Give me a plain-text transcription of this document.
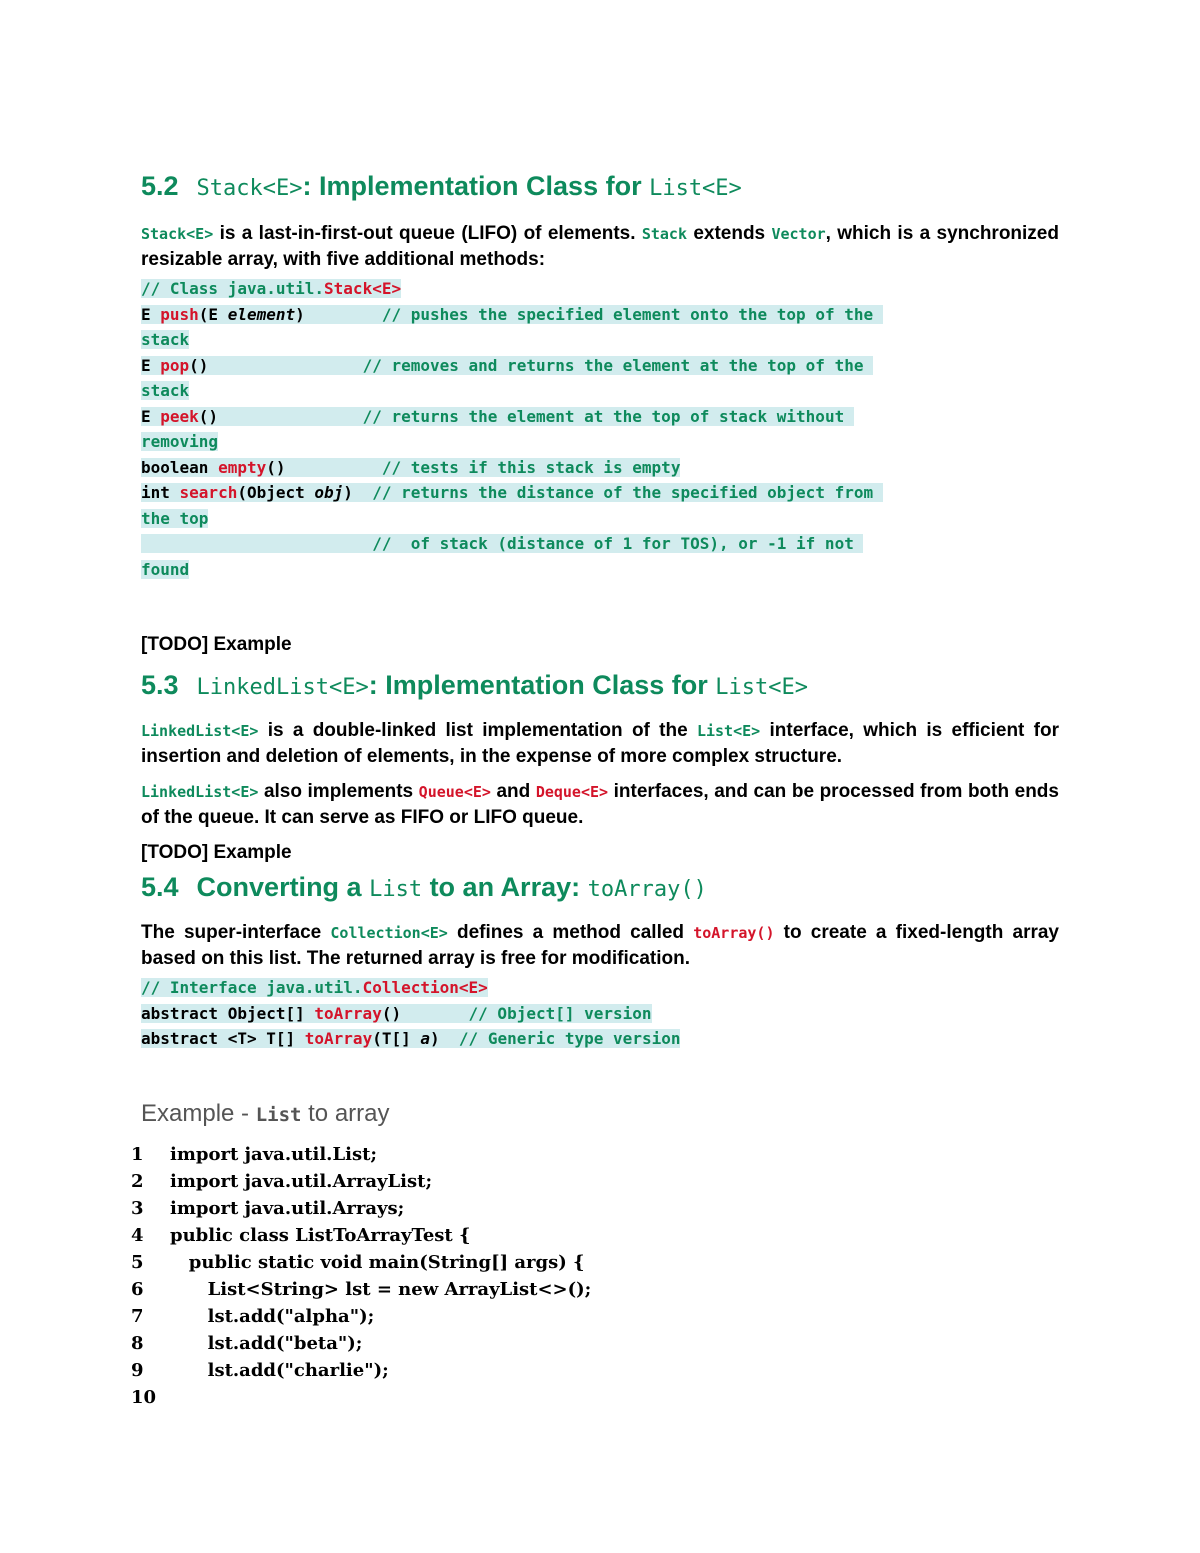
5.2 Stack<E>: Implementation Class for List<E>

Stack<E> is a last-in-first-out queue (LIFO) of elements. Stack extends Vector, which is a synchronized resizable array, with five additional methods:

// Class java.util.Stack<E>
E push(E element)        // pushes the specified element onto the top of the
stack
E pop()                // removes and returns the element at the top of the
stack
E peek()               // returns the element at the top of stack without
removing
boolean empty()          // tests if this stack is empty
int search(Object obj)  // returns the distance of the specified object from
the top
//  of stack (distance of 1 for TOS), or -1 if not
found

[TODO] Example

5.3 LinkedList<E>: Implementation Class for List<E>

LinkedList<E> is a double-linked list implementation of the List<E> interface, which is efficient for insertion and deletion of elements, in the expense of more complex structure.

LinkedList<E> also implements Queue<E> and Deque<E> interfaces, and can be processed from both ends of the queue. It can serve as FIFO or LIFO queue.

[TODO] Example

5.4 Converting a List to an Array: toArray()

The super-interface Collection<E> defines a method called toArray() to create a fixed-length array based on this list. The returned array is free for modification.

// Interface java.util.Collection<E>
abstract Object[] toArray()       // Object[] version
abstract <T> T[] toArray(T[] a)  // Generic type version

Example - List to array

1	import java.util.List;
2	import java.util.ArrayList;
3	import java.util.Arrays;
4	public class ListToArrayTest {
5	public static void main(String[] args) {
6	List<String> lst = new ArrayList<>();
7	lst.add("alpha");
8	lst.add("beta");
9	lst.add("charlie");
10
